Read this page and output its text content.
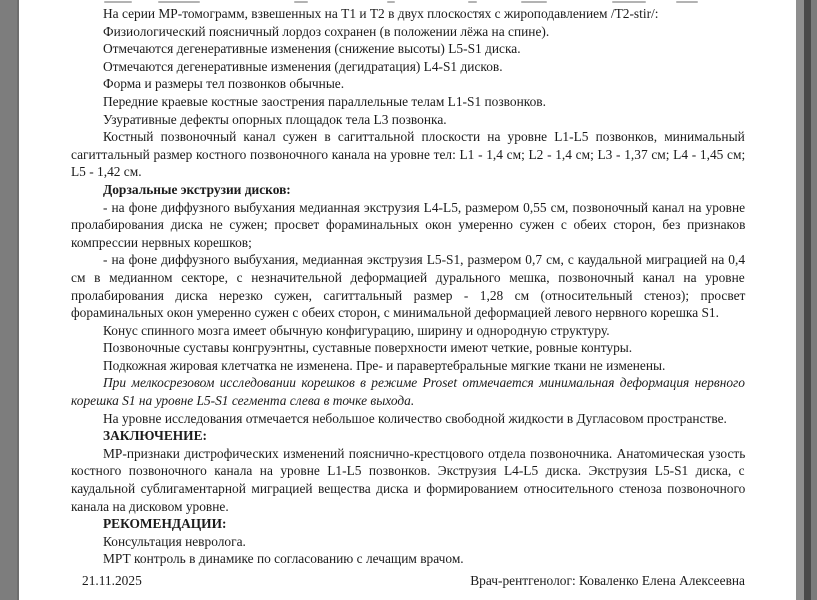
На серии МР-томограмм, взвешенных на Т1 и Т2 в двух плоскостях с жироподавлением /T2-stir/:
Физиологический поясничный лордоз сохранен (в положении лёжа на спине).
Отмечаются дегенеративные изменения (снижение высоты) L5-S1 диска.
Отмечаются дегенеративные изменения (дегидратация) L4-S1 дисков.
Форма и размеры тел позвонков обычные.
Передние краевые костные заострения параллельные телам L1-S1 позвонков.
Узуративные дефекты опорных площадок тела L3 позвонка.
Костный позвоночный канал сужен в сагиттальной плоскости на уровне L1-L5 позвонков, минимальный
сагиттальный размер костного позвоночного канала на уровне тел: L1 - 1,4 см; L2 - 1,4 см; L3 - 1,37 см; L4 - 1,45 см;
L5 - 1,42 см.
Дорзальные экструзии дисков:
- на фоне диффузного выбухания медианная экструзия L4-L5, размером 0,55 см, позвоночный канал на уровне
пролабирования диска не сужен; просвет фораминальных окон умеренно сужен с обеих сторон, без признаков
компрессии нервных корешков;
- на фоне диффузного выбухания, медианная экструзия L5-S1, размером 0,7 см, с каудальной миграцией на 0,4
см в медианном секторе, с незначительной деформацией дурального мешка, позвоночный канал на уровне
пролабирования диска нерезко сужен, сагиттальный размер - 1,28 см (относительный стеноз); просвет
фораминальных окон умеренно сужен с обеих сторон, с минимальной деформацией левого нервного корешка S1.
Конус спинного мозга имеет обычную конфигурацию, ширину и однородную структуру.
Позвоночные суставы конгруэнтны, суставные поверхности имеют четкие, ровные контуры.
Подкожная жировая клетчатка не изменена. Пре- и паравертебральные мягкие ткани не изменены.
При мелкосрезовом исследовании корешков в режиме Proset отмечается минимальная деформация нервного
корешка S1 на уровне L5-S1 сегмента слева в точке выхода.
На уровне исследования отмечается небольшое количество свободной жидкости в Дугласовом пространстве.
ЗАКЛЮЧЕНИЕ:
МР-признаки дистрофических изменений пояснично-крестцового отдела позвоночника. Анатомическая узость
костного позвоночного канала на уровне L1-L5 позвонков. Экструзия L4-L5 диска. Экструзия L5-S1 диска, с
каудальной сублигаментарной миграцией вещества диска и формированием относительного стеноза позвоночного
канала на дисковом уровне.
РЕКОМЕНДАЦИИ:
Консультация невролога.
МРТ контроль в динамике по согласованию с лечащим врачом.
21.11.2025	Врач-рентгенолог: Коваленко Елена Алексеевна
